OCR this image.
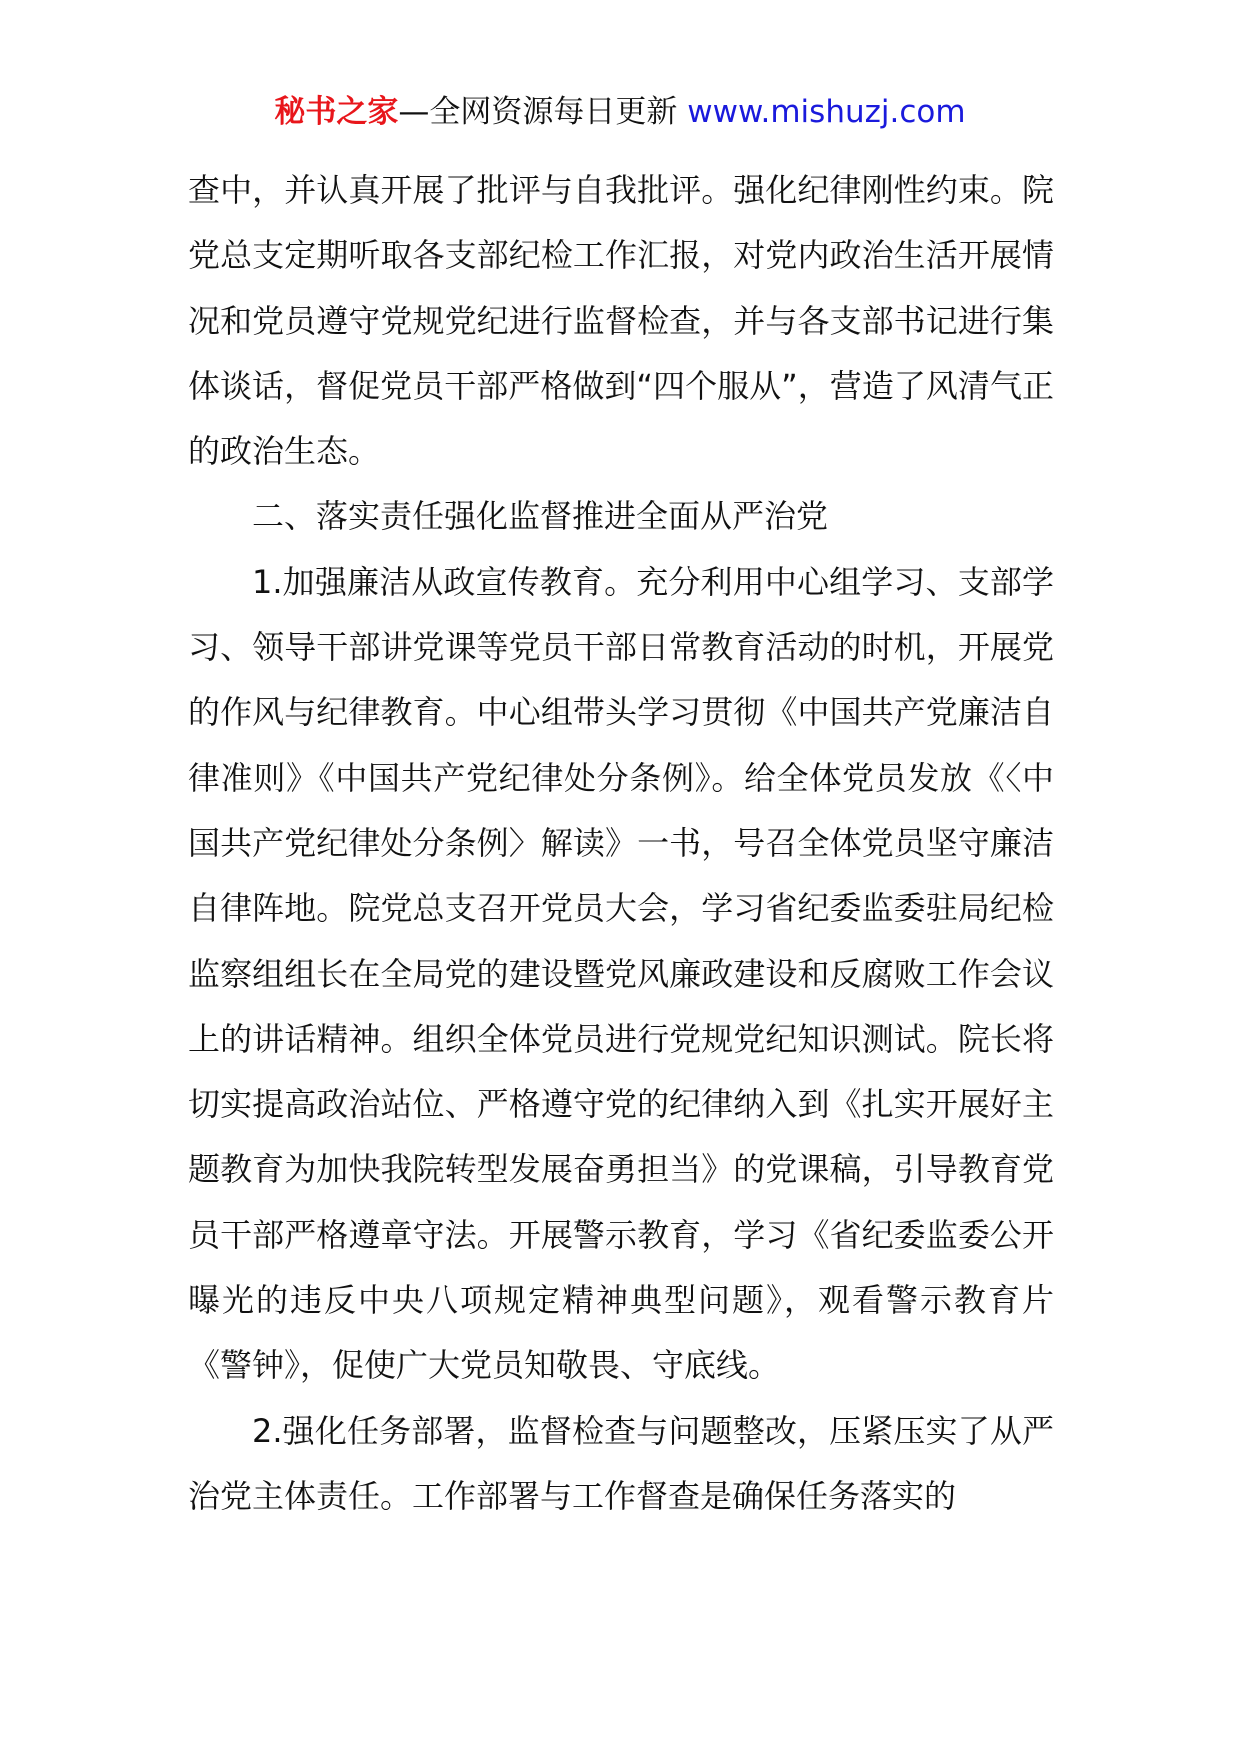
秘书之家—全网资源每日更新 www.mishuzj.com

查中，并认真开展了批评与自我批评。强化纪律刚性约束。院党总支定期听取各支部纪检工作汇报，对党内政治生活开展情况和党员遵守党规党纪进行监督检查，并与各支部书记进行集体谈话，督促党员干部严格做到“四个服从”，营造了风清气正的政治生态。

二、落实责任强化监督推进全面从严治党

1.加强廉洁从政宣传教育。充分利用中心组学习、支部学习、领导干部讲党课等党员干部日常教育活动的时机，开展党的作风与纪律教育。中心组带头学习贯彻《中国共产党廉洁自律准则》《中国共产党纪律处分条例》。给全体党员发放《〈中国共产党纪律处分条例〉解读》一书，号召全体党员坚守廉洁自律阵地。院党总支召开党员大会，学习省纪委监委驻局纪检监察组组长在全局党的建设暨党风廉政建设和反腐败工作会议上的讲话精神。组织全体党员进行党规党纪知识测试。院长将切实提高政治站位、严格遵守党的纪律纳入到《扎实开展好主题教育为加快我院转型发展奋勇担当》的党课稿，引导教育党员干部严格遵章守法。开展警示教育，学习《省纪委监委公开曝光的违反中央八项规定精神典型问题》，观看警示教育片《警钟》，促使广大党员知敬畏、守底线。

2.强化任务部署，监督检查与问题整改，压紧压实了从严治党主体责任。工作部署与工作督查是确保任务落实的
